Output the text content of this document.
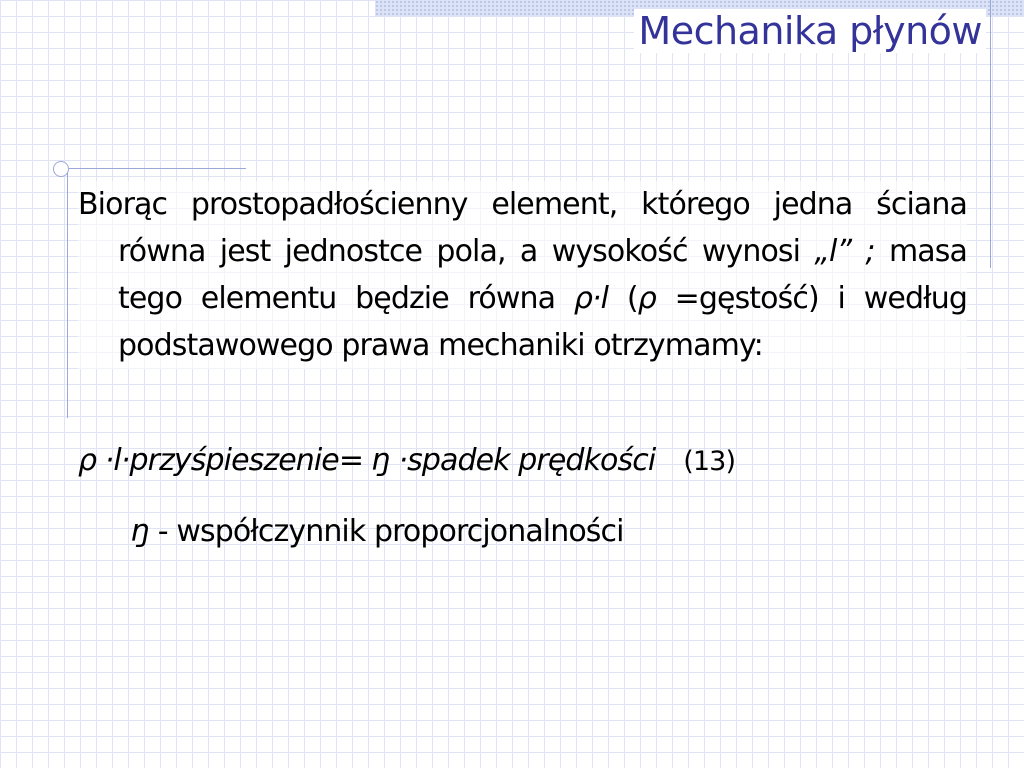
Mechanika płynów

Biorąc prostopadłościenny element, którego jedna ściana równa jest jednostce pola, a wysokość wynosi „l” ; masa tego elementu będzie równa ρ·l (ρ =gęstość) i według podstawowego prawa mechaniki otrzymamy:

ρ ·l·przyśpieszenie= ŋ ·spadek prędkości (13)

ŋ - współczynnik proporcjonalności
